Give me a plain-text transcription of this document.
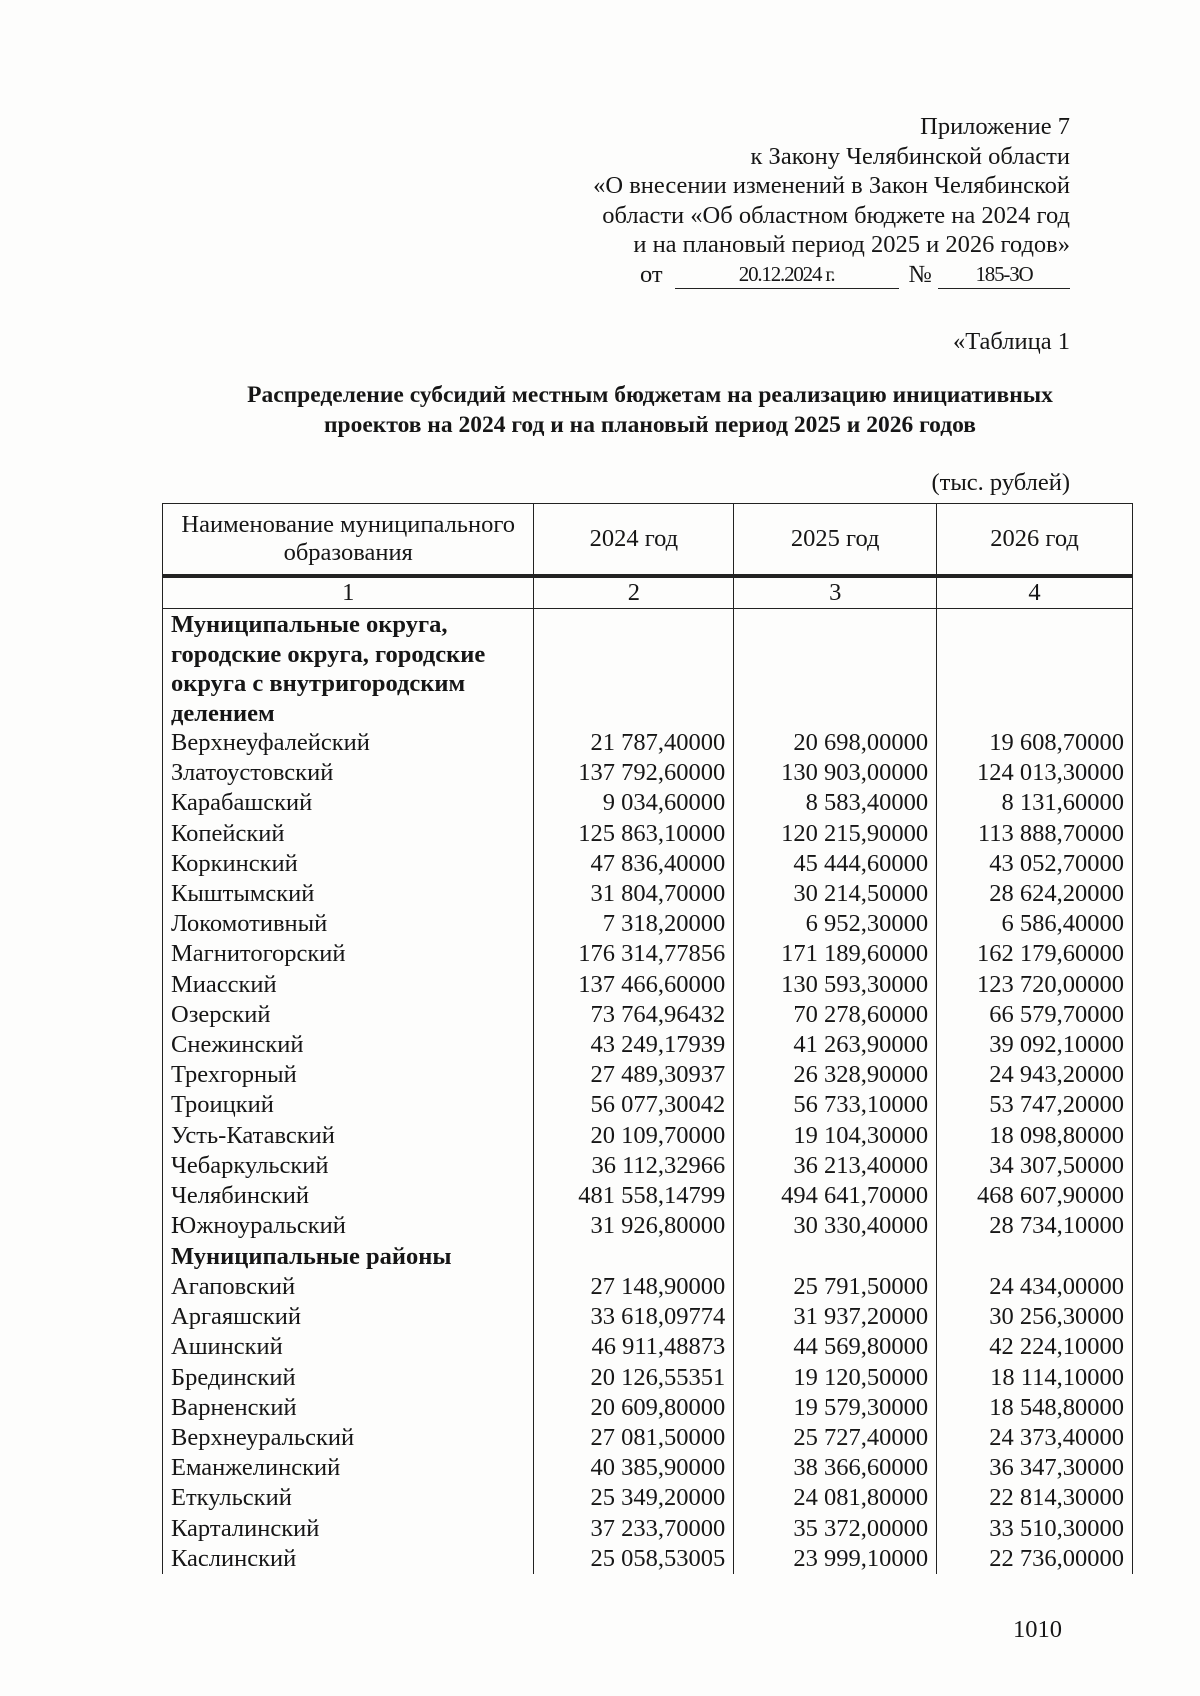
Приложение 7
к Закону Челябинской области
«О внесении изменений в Закон Челябинской
области «Об областном бюджете на 2024 год
и на плановый период 2025 и 2026 годов»
от	20.12.2024 г.	№	185-ЗО
«Таблица 1
Распределение субсидий местным бюджетам на реализацию инициативных
проектов на 2024 год и на плановый период 2025 и 2026 годов
(тыс. рублей)
Наименование муниципального образования	2024 год	2025 год	2026 год
1	2	3	4
Муниципальные округа, городские округа, городские округа с внутригородским делением			
Верхнеуфалейский	21 787,40000	20 698,00000	19 608,70000
Златоустовский	137 792,60000	130 903,00000	124 013,30000
Карабашский	9 034,60000	8 583,40000	8 131,60000
Копейский	125 863,10000	120 215,90000	113 888,70000
Коркинский	47 836,40000	45 444,60000	43 052,70000
Кыштымский	31 804,70000	30 214,50000	28 624,20000
Локомотивный	7 318,20000	6 952,30000	6 586,40000
Магнитогорский	176 314,77856	171 189,60000	162 179,60000
Миасский	137 466,60000	130 593,30000	123 720,00000
Озерский	73 764,96432	70 278,60000	66 579,70000
Снежинский	43 249,17939	41 263,90000	39 092,10000
Трехгорный	27 489,30937	26 328,90000	24 943,20000
Троицкий	56 077,30042	56 733,10000	53 747,20000
Усть-Катавский	20 109,70000	19 104,30000	18 098,80000
Чебаркульский	36 112,32966	36 213,40000	34 307,50000
Челябинский	481 558,14799	494 641,70000	468 607,90000
Южноуральский	31 926,80000	30 330,40000	28 734,10000
Муниципальные районы			
Агаповский	27 148,90000	25 791,50000	24 434,00000
Аргаяшский	33 618,09774	31 937,20000	30 256,30000
Ашинский	46 911,48873	44 569,80000	42 224,10000
Брединский	20 126,55351	19 120,50000	18 114,10000
Варненский	20 609,80000	19 579,30000	18 548,80000
Верхнеуральский	27 081,50000	25 727,40000	24 373,40000
Еманжелинский	40 385,90000	38 366,60000	36 347,30000
Еткульский	25 349,20000	24 081,80000	22 814,30000
Карталинский	37 233,70000	35 372,00000	33 510,30000
Каслинский	25 058,53005	23 999,10000	22 736,00000
1010
